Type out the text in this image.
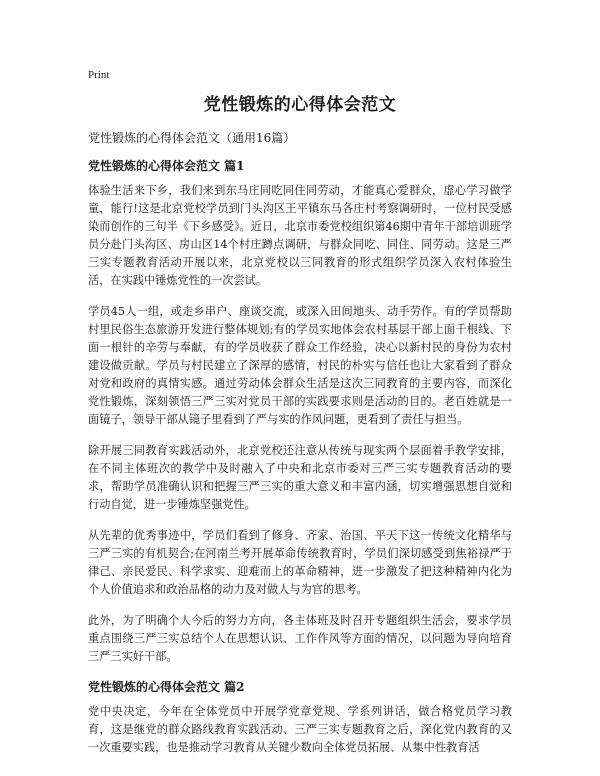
Print
党性锻炼的心得体会范文

党性锻炼的心得体会范文（通用16篇）

党性锻炼的心得体会范文 篇1

体验生活来下乡，我们来到东马庄同吃同住同劳动，才能真心爱群众，虚心学习做学童，能行!这是北京党校学员到门头沟区王平镇东马各庄村考察调研时，一位村民受感染而创作的三句半《下乡感受》。近日，北京市委党校组织第46期中青年干部培训班学员分赴门头沟区、房山区14个村庄蹲点调研，与群众同吃、同住、同劳动。这是三严三实专题教育活动开展以来，北京党校以三同教育的形式组织学员深入农村体验生活，在实践中锤炼党性的一次尝试。

学员45人一组，或走乡串户、座谈交流，或深入田间地头、动手劳作。有的学员帮助村里民俗生态旅游开发进行整体规划;有的学员实地体会农村基层干部上面千根线、下面一根针的辛劳与奉献，有的学员收获了群众工作经验，决心以新村民的身份为农村建设做贡献。学员与村民建立了深厚的感情，村民的朴实与信任也让大家看到了群众对党和政府的真情实感。通过劳动体会群众生活是这次三同教育的主要内容，而深化党性锻炼，深刻领悟三严三实对党员干部的实践要求则是活动的目的。老百姓就是一面镜子，领导干部从镜子里看到了严与实的作风问题，更看到了责任与担当。

除开展三同教育实践活动外，北京党校还注意从传统与现实两个层面着手教学安排，在不同主体班次的教学中及时融入了中央和北京市委对三严三实专题教育活动的要求，帮助学员准确认识和把握三严三实的重大意义和丰富内涵，切实增强思想自觉和行动自觉，进一步锤炼坚强党性。

从先辈的优秀事迹中，学员们看到了修身、齐家、治国、平天下这一传统文化精华与三严三实的有机契合;在河南兰考开展革命传统教育时，学员们深切感受到焦裕禄严于律己、亲民爱民、科学求实、迎难而上的革命精神，进一步激发了把这种精神内化为个人价值追求和政治品格的动力及对做人与为官的思考。

此外，为了明确个人今后的努力方向，各主体班及时召开专题组织生活会，要求学员重点围绕三严三实总结个人在思想认识、工作作风等方面的情况，以问题为导向培育三严三实好干部。

党性锻炼的心得体会范文 篇2

党中央决定，今年在全体党员中开展学党章党规、学系列讲话，做合格党员学习教育，这是继党的群众路线教育实践活动、三严三实专题教育之后，深化党内教育的又一次重要实践，也是推动学习教育从关键少数向全体党员拓展、从集中性教育活
